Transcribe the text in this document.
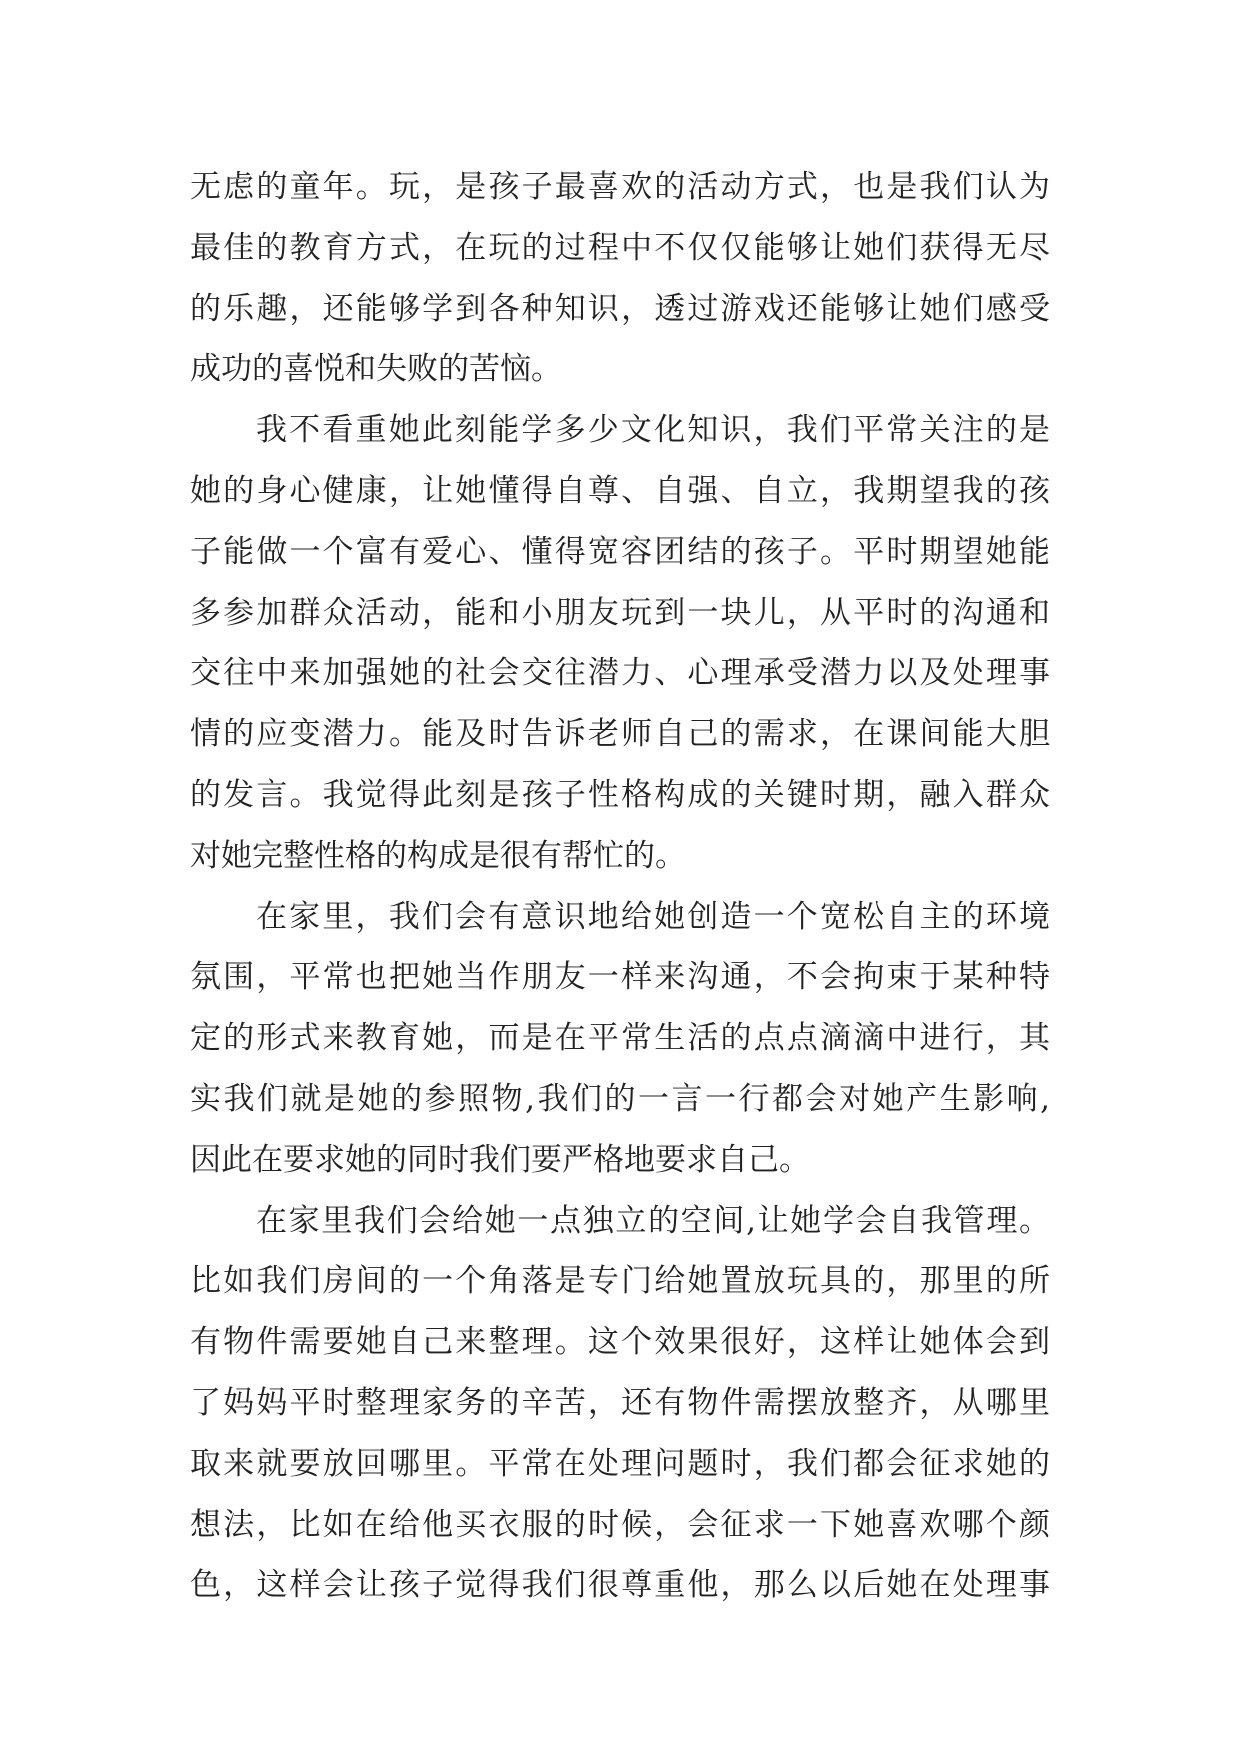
无虑的童年。玩，是孩子最喜欢的活动方式，也是我们认为
最佳的教育方式，在玩的过程中不仅仅能够让她们获得无尽
的乐趣，还能够学到各种知识，透过游戏还能够让她们感受
成功的喜悦和失败的苦恼。
我不看重她此刻能学多少文化知识，我们平常关注的是
她的身心健康，让她懂得自尊、自强、自立，我期望我的孩
子能做一个富有爱心、懂得宽容团结的孩子。平时期望她能
多参加群众活动，能和小朋友玩到一块儿，从平时的沟通和
交往中来加强她的社会交往潜力、心理承受潜力以及处理事
情的应变潜力。能及时告诉老师自己的需求，在课间能大胆
的发言。我觉得此刻是孩子性格构成的关键时期，融入群众
对她完整性格的构成是很有帮忙的。
在家里，我们会有意识地给她创造一个宽松自主的环境
氛围，平常也把她当作朋友一样来沟通，不会拘束于某种特
定的形式来教育她，而是在平常生活的点点滴滴中进行，其
实我们就是她的参照物,我们的一言一行都会对她产生影响,
因此在要求她的同时我们要严格地要求自己。
在家里我们会给她一点独立的空间,让她学会自我管理。
比如我们房间的一个角落是专门给她置放玩具的，那里的所
有物件需要她自己来整理。这个效果很好，这样让她体会到
了妈妈平时整理家务的辛苦，还有物件需摆放整齐，从哪里
取来就要放回哪里。平常在处理问题时，我们都会征求她的
想法，比如在给他买衣服的时候，会征求一下她喜欢哪个颜
色，这样会让孩子觉得我们很尊重他，那么以后她在处理事
